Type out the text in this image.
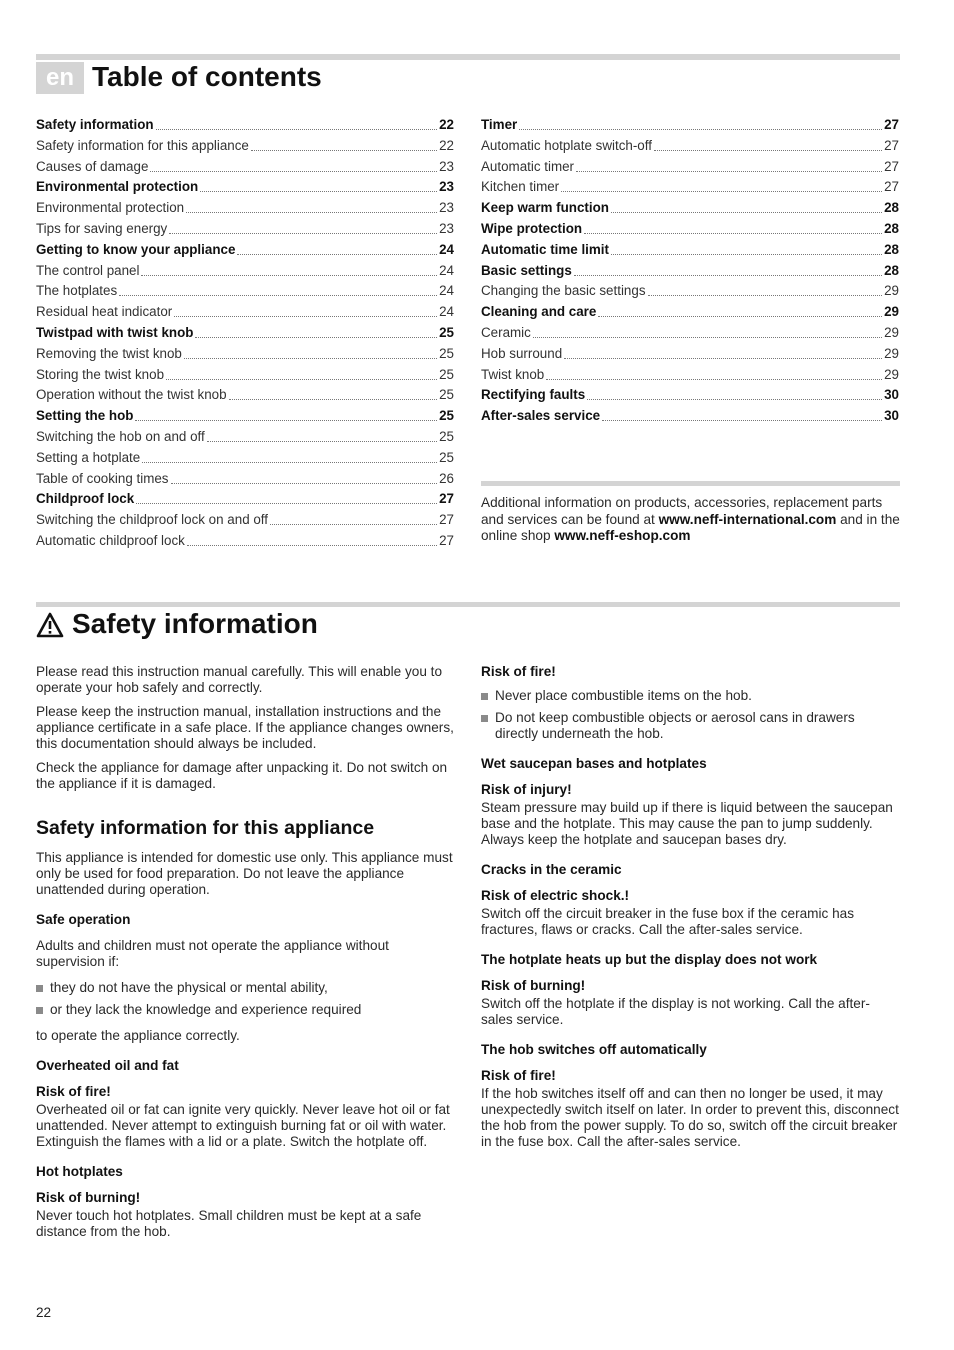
en Table of contents
Safety information	22
Safety information for this appliance	22
Causes of damage	23
Environmental protection	23
Environmental protection	23
Tips for saving energy	23
Getting to know your appliance	24
The control panel	24
The hotplates	24
Residual heat indicator	24
Twistpad with twist knob	25
Removing the twist knob	25
Storing the twist knob	25
Operation without the twist knob	25
Setting the hob	25
Switching the hob on and off	25
Setting a hotplate	25
Table of cooking times	26
Childproof lock	27
Switching the childproof lock on and off	27
Automatic childproof lock	27
Timer	27
Automatic hotplate switch-off	27
Automatic timer	27
Kitchen timer	27
Keep warm function	28
Wipe protection	28
Automatic time limit	28
Basic settings	28
Changing the basic settings	29
Cleaning and care	29
Ceramic	29
Hob surround	29
Twist knob	29
Rectifying faults	30
After-sales service	30
Additional information on products, accessories, replacement parts and services can be found at www.neff-international.com and in the online shop www.neff-eshop.com
Safety information

Please read this instruction manual carefully. This will enable you to operate your hob safely and correctly.

Please keep the instruction manual, installation instructions and the appliance certificate in a safe place. If the appliance changes owners, this documentation should always be included.

Check the appliance for damage after unpacking it. Do not switch on the appliance if it is damaged.

Safety information for this appliance

This appliance is intended for domestic use only. This appliance must only be used for food preparation. Do not leave the appliance unattended during operation.

Safe operation

Adults and children must not operate the appliance without supervision if:

they do not have the physical or mental ability,
or they lack the knowledge and experience required

to operate the appliance correctly.

Overheated oil and fat
Risk of fire!

Overheated oil or fat can ignite very quickly. Never leave hot oil or fat unattended. Never attempt to extinguish burning fat or oil with water. Extinguish the flames with a lid or a plate. Switch the hotplate off.

Hot hotplates
Risk of burning!

Never touch hot hotplates. Small children must be kept at a safe distance from the hob.

Risk of fire!
Never place combustible items on the hob.
Do not keep combustible objects or aerosol cans in drawers directly underneath the hob.
Wet saucepan bases and hotplates
Risk of injury!

Steam pressure may build up if there is liquid between the saucepan base and the hotplate. This may cause the pan to jump suddenly. Always keep the hotplate and saucepan bases dry.

Cracks in the ceramic
Risk of electric shock.!

Switch off the circuit breaker in the fuse box if the ceramic has fractures, flaws or cracks. Call the after-sales service.

The hotplate heats up but the display does not work
Risk of burning!

Switch off the hotplate if the display is not working. Call the after-sales service.

The hob switches off automatically
Risk of fire!

If the hob switches itself off and can then no longer be used, it may unexpectedly switch itself on later. In order to prevent this, disconnect the hob from the power supply. To do so, switch off the circuit breaker in the fuse box. Call the after-sales service.

22
